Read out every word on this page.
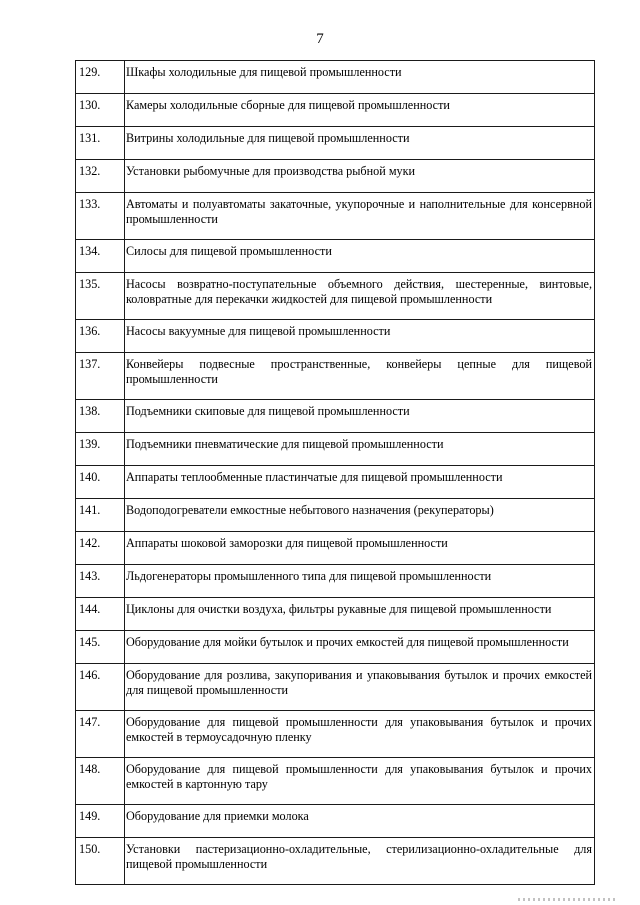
7
129.	Шкафы холодильные для пищевой промышленности
130.	Камеры холодильные сборные для пищевой промышленности
131.	Витрины холодильные для пищевой промышленности
132.	Установки рыбомучные для производства рыбной муки
133.	Автоматы и полуавтоматы закаточные, укупорочные и наполнительные для консервной промышленности
134.	Силосы для пищевой промышленности
135.	Насосы возвратно-поступательные объемного действия, шестеренные, винтовые, коловратные для перекачки жидкостей для пищевой промышленности
136.	Насосы вакуумные для пищевой промышленности
137.	Конвейеры подвесные пространственные, конвейеры цепные для пищевой промышленности
138.	Подъемники скиповые для пищевой промышленности
139.	Подъемники пневматические для пищевой промышленности
140.	Аппараты теплообменные пластинчатые для пищевой промышленности
141.	Водоподогреватели емкостные небытового назначения (рекуператоры)
142.	Аппараты шоковой заморозки для пищевой промышленности
143.	Льдогенераторы промышленного типа для пищевой промышленности
144.	Циклоны для очистки воздуха, фильтры рукавные для пищевой промышленности
145.	Оборудование для мойки бутылок и прочих емкостей для пищевой промышленности
146.	Оборудование для розлива, закупоривания и упаковывания бутылок и прочих емкостей для пищевой промышленности
147.	Оборудование для пищевой промышленности для упаковывания бутылок и прочих емкостей в термоусадочную пленку
148.	Оборудование для пищевой промышленности для упаковывания бутылок и прочих емкостей в картонную тару
149.	Оборудование для приемки молока
150.	Установки пастеризационно-охладительные, стерилизационно-охладительные для пищевой промышленности
